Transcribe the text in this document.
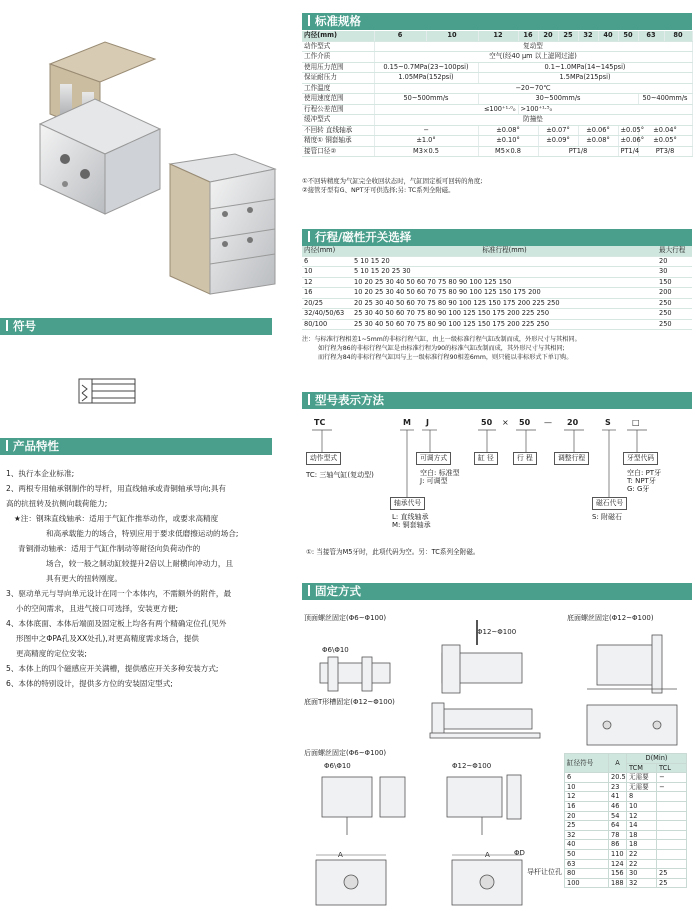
标准规格
内径(mm)	6	10	12	16	20	25	32	40	50	63	80	
动作型式	复动型											
工作介质	空气(经40 μm 以上滤网过滤)											
使用压力范围	0.15~0.7MPa(23~100psi)		0.1~1.0MPa(14~145psi)									
保证耐压力	1.05MPa(152psi)		1.5MPa(215psi)									
工作温度	−20~70℃											
使用速度范围	50~500mm/s		30~500mm/s							50~400mm/s		
行程公差范围	≤100⁺¹·⁰₀			>100⁺¹·⁵₀								
缓冲型式	防撞垫											
不回转 直线轴承	−		±0.08°		±0.07°		±0.06°		±0.05°	±0.04°		
精度① 铜套轴承	±1.0°		±0.10°		±0.09°		±0.08°		±0.06°	±0.05°		
接管口径②	M3×0.5		M5×0.8		PT1/8				PT1/4	PT3/8		
①不回转精度为气缸完全收回状态时，气缸固定板可回转的角度;
②接管牙型有G、NPT牙可供选择;另: TC系列全附磁。
符号
产品特性
1、执行本企业标准;
2、两根专用轴承钢制作的导杆，用直线轴承或青铜轴承导向;具有
高的抗扭转及抗侧向载荷能力;
★注：钢珠直线轴承：适用于气缸作推举动作，或要求高精度
和高承载能力的场合，特别应用于要求低磨擦运动的场合;
青铜滑动轴承：适用于气缸作制动等耐径向负荷动作的
场合，较一般之制动缸较提升2倍以上耐横向冲动力，且
具有更大的扭转刚度。
3、驱动单元与导向单元设计在同一个本体内，不需额外的附件，最
小的空间需求，且进气接口可选择，安装更方便;
4、本体底面、本体后端面及固定板上均各有两个精确定位孔(见外
形图中之ΦPA孔及XX处孔),对更高精度需求场合，提供
更高精度的定位安装;
5、本体上的四个磁感应开关满槽，提供感应开关多种安装方式;
6、本体的特别设计，提供多方位的安装固定型式;
行程/磁性开关选择
内径(mm)	标准行程(mm)	最大行程
6	5 10 15 20	20
10	5 10 15 20 25 30	30
12	10 20 25 30 40 50 60 70 75 80 90 100 125 150	150
16	10 20 25 30 40 50 60 70 75 80 90 100 125 150 175 200	200
20/25	20 25 30 40 50 60 70 75 80 90 100 125 150 175 200 225 250	250
32/40/50/63	25 30 40 50 60 70 75 80 90 100 125 150 175 200 225 250	250
80/100	25 30 40 50 60 70 75 80 90 100 125 150 175 200 225 250	250
注：与标准行程相差1~5mm的非标行程气缸，由上一级标准行程气缸改制而成，外形尺寸与其相同。
如行程为86的非标行程气缸是由标准行程为90的标准气缸改制而成，其外形尺寸与其相同;
而行程为84的非标行程气缸因与上一级标准行程90相差6mm，则只能以非标形式下单订购。
型号表示方法
TC	M J	50 × 50 — 20	S	□
动作型式	可调方式	缸 径	行 程	调整行程	牙型代码
轴承代号	磁石代号
TC: 三轴气缸(复动型)	空白: 标准型
J: 可调型
空白: PT牙
T: NPT牙
G: G牙
L: 直线轴承
M: 铜套轴承
S: 附磁石
①: 当接管为M5牙时，此项代码为空。另：TC系列全附磁。
固定方式
顶面螺丝固定(Φ6~Φ100)	底面螺丝固定(Φ12~Φ100)
Φ6\Φ10
Φ12~Φ100
底面T形槽固定(Φ12~Φ100)
后面螺丝固定(Φ6~Φ100)
Φ6\Φ10	Φ12~Φ100
A	A	ΦD
导杆让位孔
缸径符号	A	D(Min)	
		TCM	TCL
6	20.5	无需要	−
10	23	无需要	−
12	41	8	
16	46	10	
20	54	12	
25	64	14	
32	78	18	
40	86	18	
50	110	22	
63	124	22	
80	156	30	25
100	188	32	25
